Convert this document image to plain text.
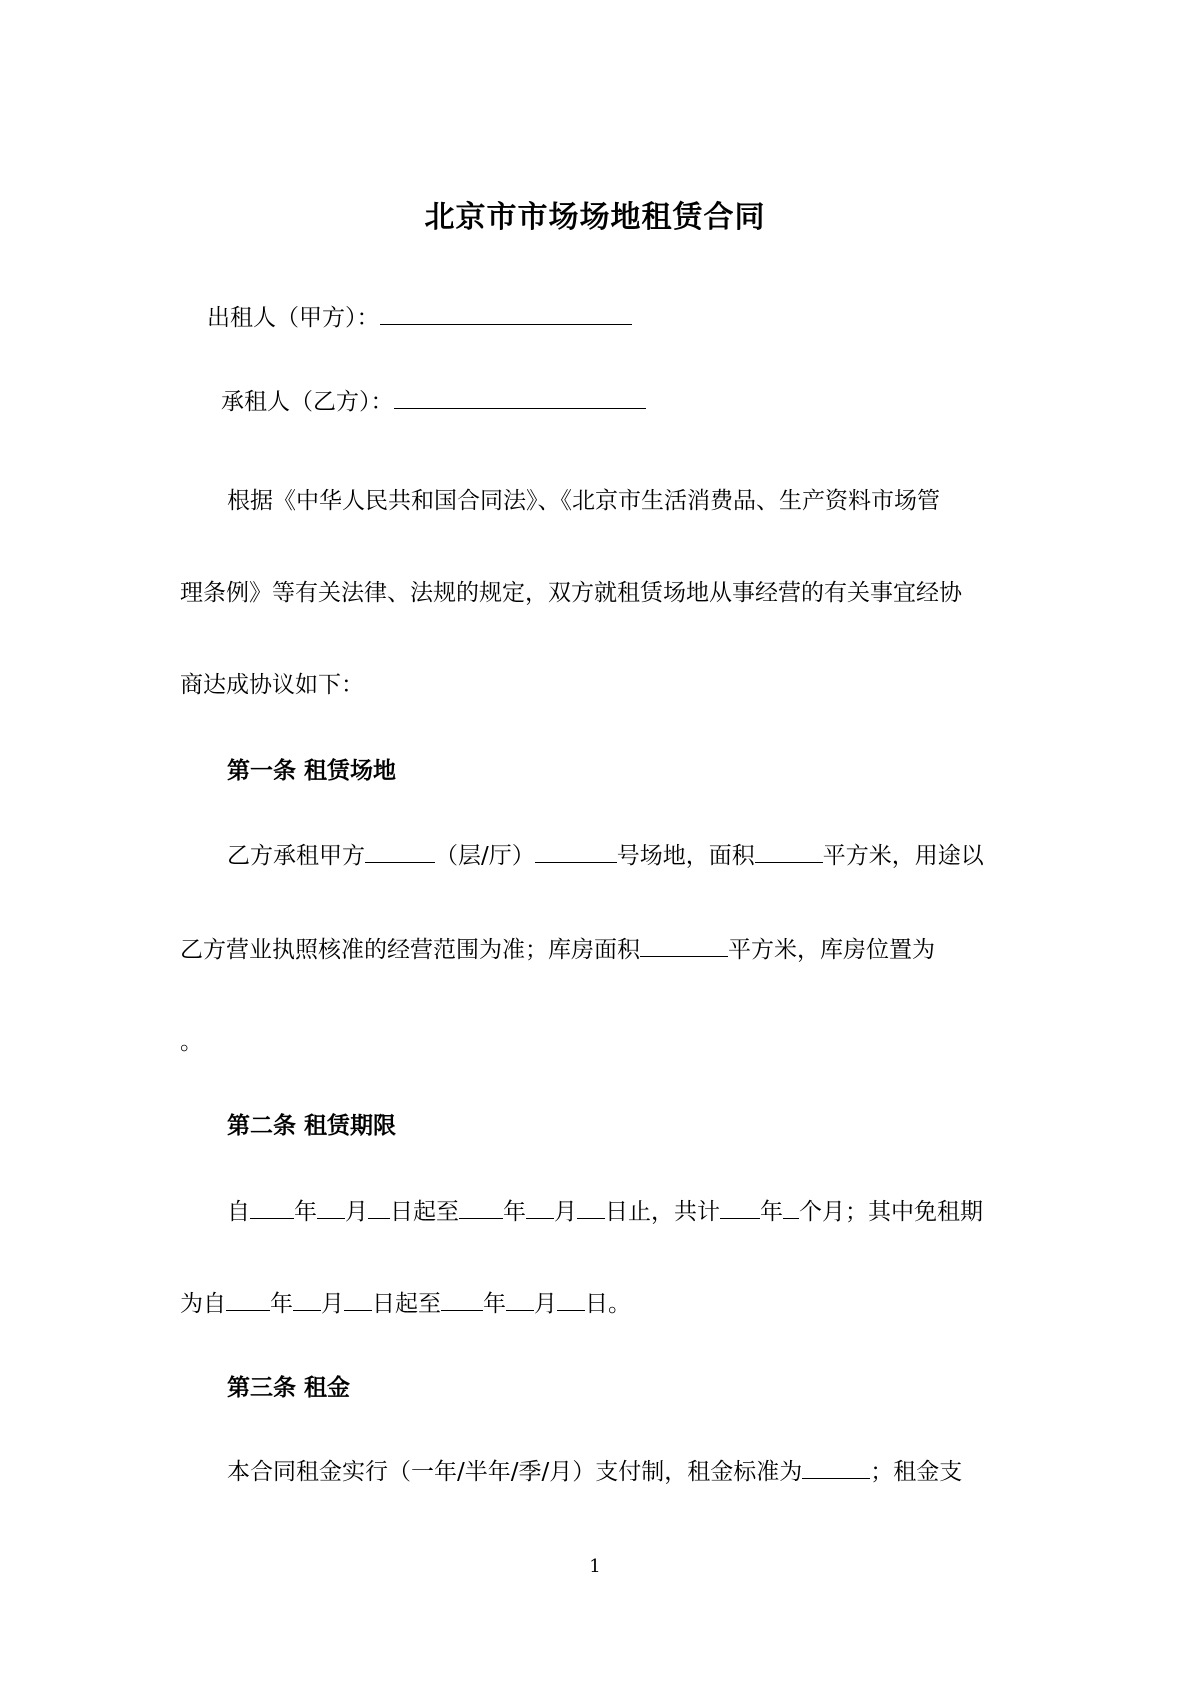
北京市市场场地租赁合同
出租人（甲方）：
承租人（乙方）：
根据《中华人民共和国合同法》、《北京市生活消费品、生产资料市场管
理条例》等有关法律、法规的规定，双方就租赁场地从事经营的有关事宜经协
商达成协议如下：
第一条 租赁场地
乙方承租甲方	（层/厅）	号场地，面积	平方米，用途以
乙方营业执照核准的经营范围为准；库房面积	平方米，库房位置为
。
第二条 租赁期限
自 年 月 日起至 年 月 日止，共计 年 个月；其中免租期
为自 年 月 日起至 年 月 日。
第三条 租金
本合同租金实行（一年/半年/季/月）支付制，租金标准为	；租金支
1
